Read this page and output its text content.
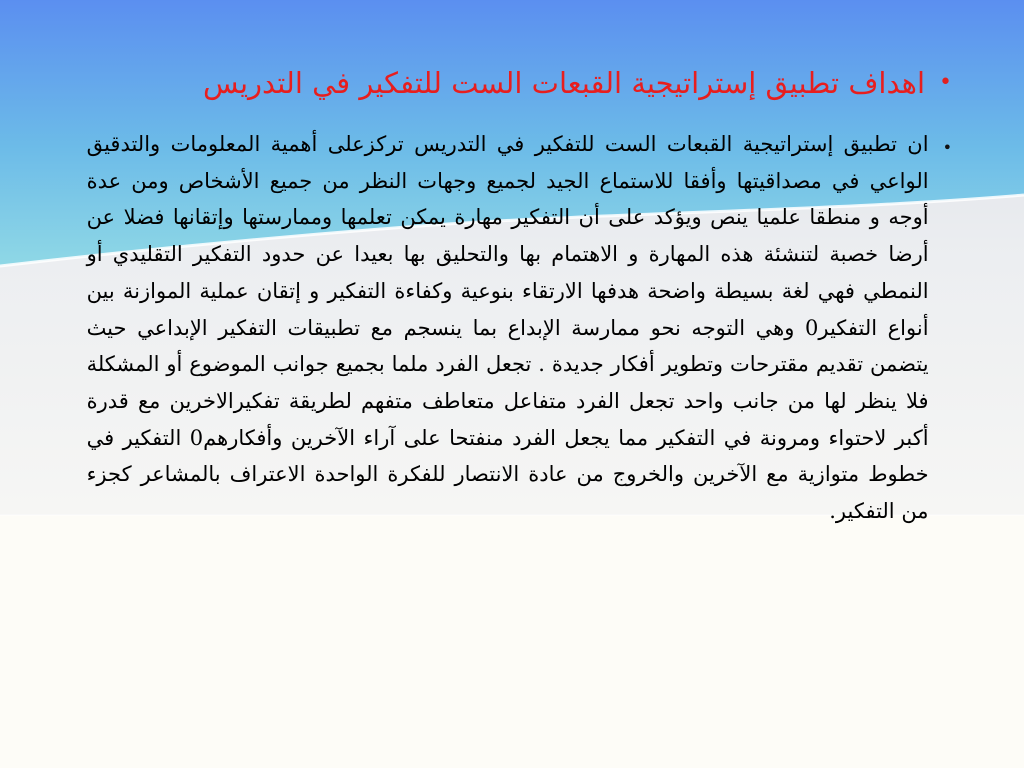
•
اهداف تطبيق إستراتيجية القبعات الست للتفكير في التدريس
•
ان تطبيق إستراتيجية القبعات الست للتفكير في التدريس تركزعلى أهمية المعلومات والتدقيق الواعي في مصداقيتها وأفقا للاستماع الجيد لجميع وجهات النظر من جميع الأشخاص ومن عدة أوجه و منطقا علميا ينص ويؤكد على أن التفكير مهارة يمكن تعلمها وممارستها وإتقانها فضلا عن أرضا خصبة لتنشئة هذه المهارة و الاهتمام بها والتحليق بها بعيدا عن حدود التفكير التقليدي أو النمطي فهي لغة بسيطة واضحة هدفها الارتقاء بنوعية وكفاءة التفكير و إتقان عملية الموازنة بين أنواع التفكير0 وهي التوجه نحو ممارسة الإبداع بما ينسجم مع تطبيقات التفكير الإبداعي حيث يتضمن تقديم مقترحات وتطوير أفكار جديدة . تجعل الفرد ملما بجميع جوانب الموضوع أو المشكلة فلا ينظر لها من جانب واحد تجعل الفرد متفاعل متعاطف متفهم لطريقة تفكيرالاخرين مع قدرة أكبر لاحتواء ومرونة في التفكير مما يجعل الفرد منفتحا على آراء الآخرين وأفكارهم0 التفكير في خطوط متوازية مع الآخرين والخروج من عادة الانتصار للفكرة الواحدة الاعتراف بالمشاعر كجزء من التفكير.
